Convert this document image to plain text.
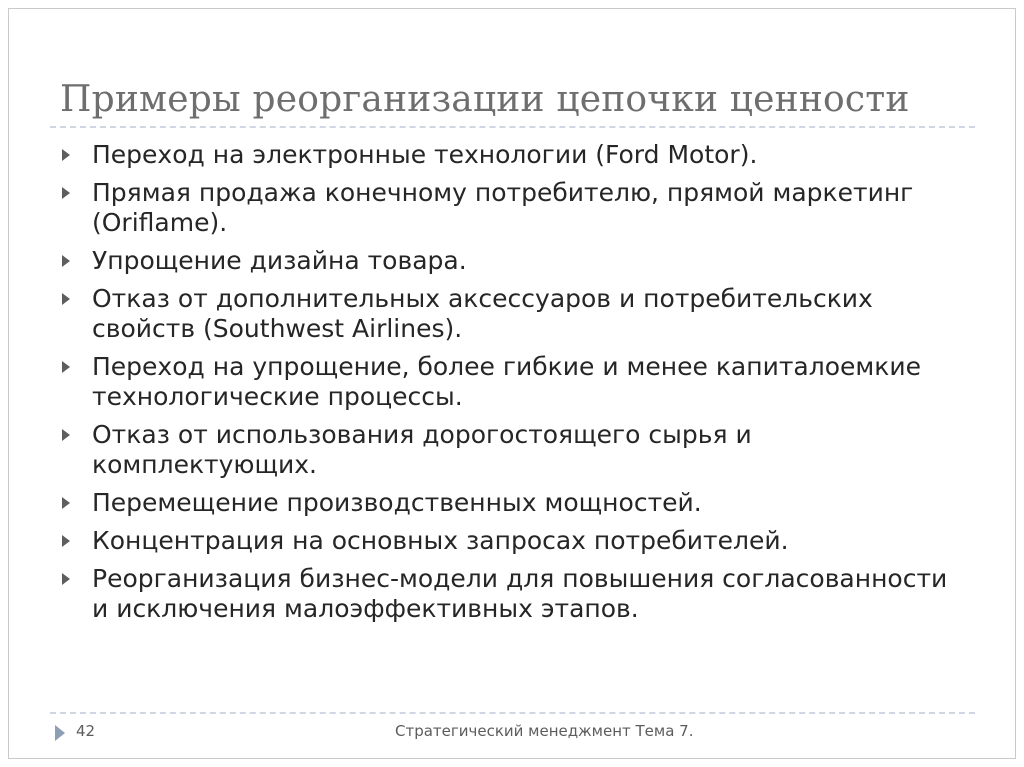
Примеры реорганизации цепочки ценности
Переход на электронные технологии (Ford Motor).
Прямая продажа конечному потребителю, прямой маркетинг (Oriflame).
Упрощение дизайна товара.
Отказ от дополнительных аксессуаров и потребительских свойств (Southwest Airlines).
Переход на упрощение, более гибкие и менее капиталоемкие технологические процессы.
Отказ от использования дорогостоящего сырья и комплектующих.
Перемещение производственных мощностей.
Концентрация на основных запросах потребителей.
Реорганизация бизнес-модели для повышения согласованности и исключения малоэффективных этапов.
42	Стратегический менеджмент Тема 7.
